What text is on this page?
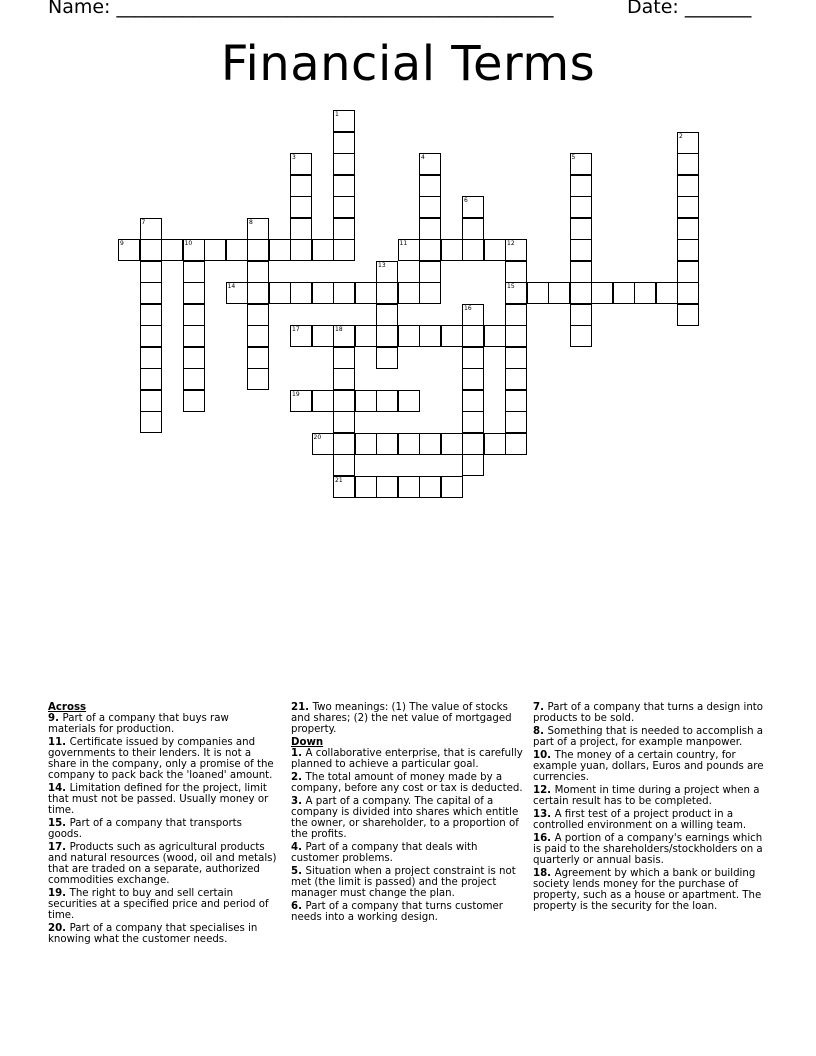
Name: ______________________________________________	Date: _______
Financial Terms
1
2
3	4	5
6
7	8
9	10	11	12
13
14	15
16
17	18
19
20
21
Across
9. Part of a company that buys raw materials for production.
11. Certificate issued by companies and governments to their lenders. It is not a share in the company, only a promise of the company to pack back the 'loaned' amount.
14. Limitation defined for the project, limit that must not be passed. Usually money or time.
15. Part of a company that transports goods.
17. Products such as agricultural products and natural resources (wood, oil and metals) that are traded on a separate, authorized commodities exchange.
19. The right to buy and sell certain securities at a specified price and period of time.
20. Part of a company that specialises in knowing what the customer needs.
21. Two meanings: (1) The value of stocks and shares; (2) the net value of mortgaged property.
Down
1. A collaborative enterprise, that is carefully planned to achieve a particular goal.
2. The total amount of money made by a company, before any cost or tax is deducted.
3. A part of a company. The capital of a company is divided into shares which entitle the owner, or shareholder, to a proportion of the profits.
4. Part of a company that deals with customer problems.
5. Situation when a project constraint is not met (the limit is passed) and the project manager must change the plan.
6. Part of a company that turns customer needs into a working design.
7. Part of a company that turns a design into products to be sold.
8. Something that is needed to accomplish a part of a project, for example manpower.
10. The money of a certain country, for example yuan, dollars, Euros and pounds are currencies.
12. Moment in time during a project when a certain result has to be completed.
13. A first test of a project product in a controlled environment on a willing team.
16. A portion of a company's earnings which is paid to the shareholders/stockholders on a quarterly or annual basis.
18. Agreement by which a bank or building society lends money for the purchase of property, such as a house or apartment. The property is the security for the loan.
